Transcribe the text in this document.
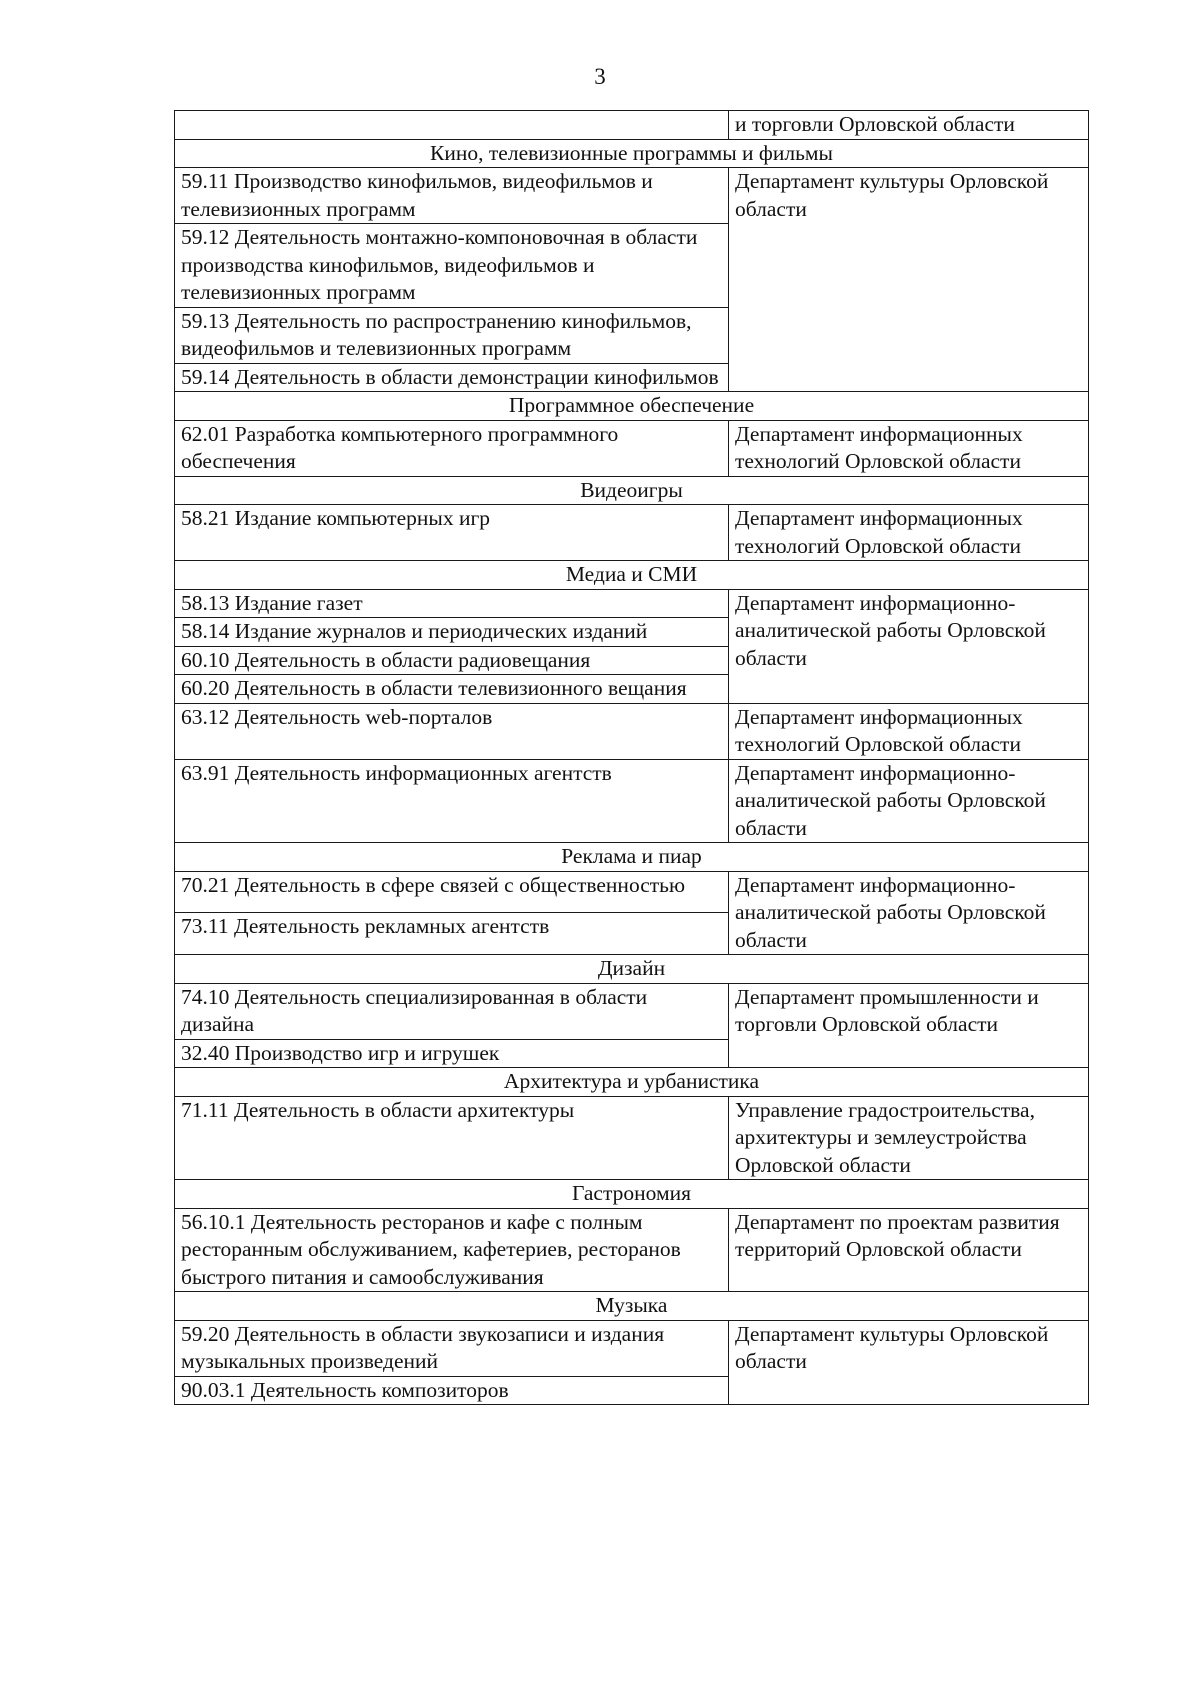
3
	и торговли Орловской области
Кино, телевизионные программы и фильмы	
59.11 Производство кинофильмов, видеофильмов и телевизионных программ	Департамент культуры Орловской области
59.12 Деятельность монтажно-компоновочная в области производства кинофильмов, видеофильмов и телевизионных программ	
59.13 Деятельность по распространению кинофильмов, видеофильмов и телевизионных программ	
59.14 Деятельность в области демонстрации кинофильмов	
Программное обеспечение	
62.01 Разработка компьютерного программного обеспечения	Департамент информационных технологий Орловской области
Видеоигры	
58.21 Издание компьютерных игр	Департамент информационных технологий Орловской области
Медиа и СМИ	
58.13 Издание газет	Департамент информационно-аналитической работы Орловской области
58.14 Издание журналов и периодических изданий	
60.10 Деятельность в области радиовещания	
60.20 Деятельность в области телевизионного вещания	
63.12 Деятельность web-порталов	Департамент информационных технологий Орловской области
63.91 Деятельность информационных агентств	Департамент информационно-аналитической работы Орловской области
Реклама и пиар	
70.21 Деятельность в сфере связей с общественностью	Департамент информационно-аналитической работы Орловской области
73.11 Деятельность рекламных агентств	
Дизайн	
74.10 Деятельность специализированная в области дизайна	Департамент промышленности и торговли Орловской области
32.40 Производство игр и игрушек	
Архитектура и урбанистика	
71.11 Деятельность в области архитектуры	Управление градостроительства, архитектуры и землеустройства Орловской области
Гастрономия	
56.10.1 Деятельность ресторанов и кафе с полным ресторанным обслуживанием, кафетериев, ресторанов быстрого питания и самообслуживания	Департамент по проектам развития территорий Орловской области
Музыка	
59.20 Деятельность в области звукозаписи и издания музыкальных произведений	Департамент культуры Орловской области
90.03.1 Деятельность композиторов	
